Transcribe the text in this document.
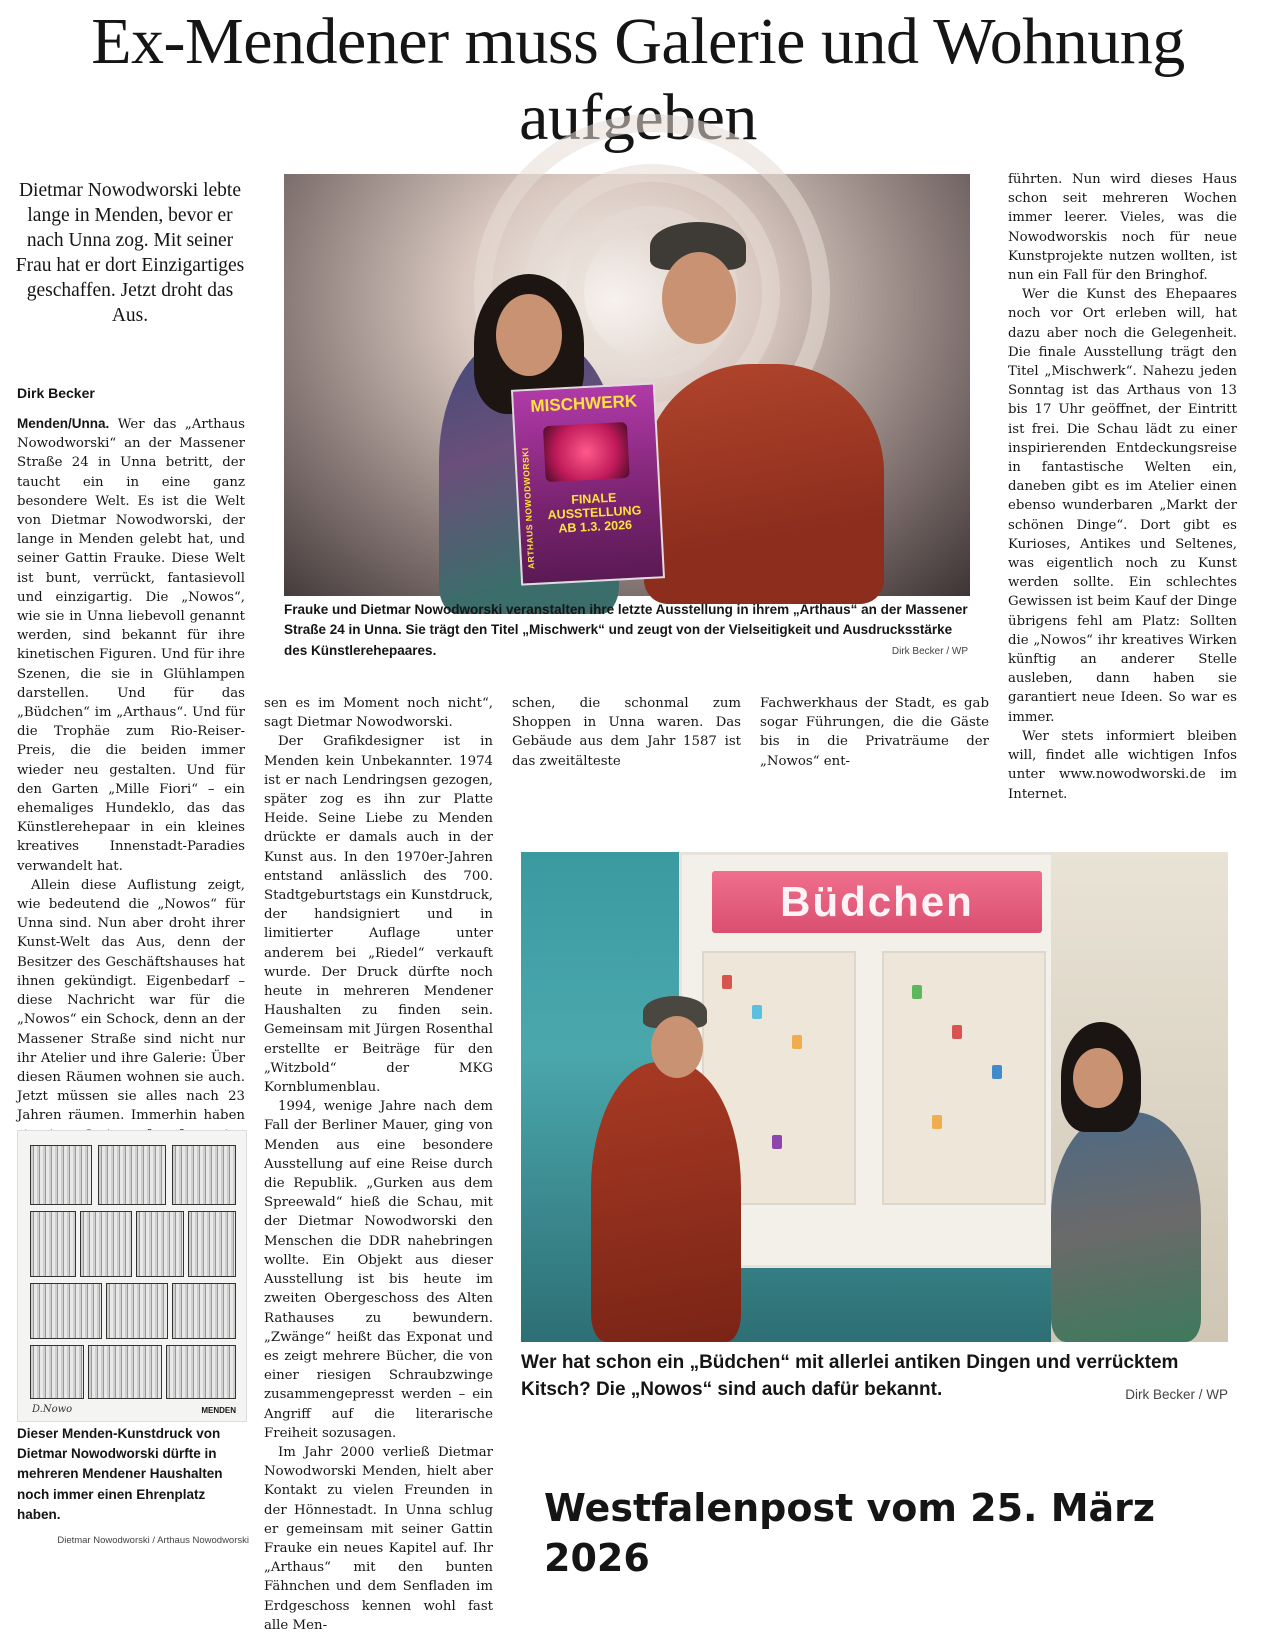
Ex-Mendener muss Galerie und Wohnung aufgeben

Dietmar Nowodworski lebte lange in Menden, bevor er nach Unna zog. Mit seiner Frau hat er dort Einzigartiges geschaffen. Jetzt droht das Aus.

Dirk Becker

Menden/Unna. Wer das „Arthaus Nowodworski“ an der Massener Straße 24 in Unna betritt, der taucht ein in eine ganz besondere Welt. Es ist die Welt von Dietmar Nowodworski, der lange in Menden gelebt hat, und seiner Gattin Frauke. Diese Welt ist bunt, verrückt, fantasievoll und einzigartig. Die „Nowos“, wie sie in Unna liebevoll genannt werden, sind bekannt für ihre kinetischen Figuren. Und für ihre Szenen, die sie in Glühlampen darstellen. Und für das „Büdchen“ im „Arthaus“. Und für die Trophäe zum Rio-Reiser-Preis, die die beiden immer wieder neu gestalten. Und für den Garten „Mille Fiori“ – ein ehemaliges Hundeklo, das das Künstlerehepaar in ein kleines kreatives Innenstadt-Paradies verwandelt hat.

Allein diese Auflistung zeigt, wie bedeutend die „Nowos“ für Unna sind. Nun aber droht ihrer Kunst-Welt das Aus, denn der Besitzer des Geschäftshauses hat ihnen gekündigt. Eigenbedarf – diese Nachricht war für die „Nowos“ ein Schock, denn an der Massener Straße sind nicht nur ihr Atelier und ihre Galerie: Über diesen Räumen wohnen sie auch. Jetzt müssen sie alles nach 23 Jahren räumen. Immerhin haben

MISCHWERK
FINALE
AUSSTELLUNG
AB 1.3. 2026
ARTHAUS NOWODWORSKI
Frauke und Dietmar Nowodworski veranstalten ihre letzte Ausstellung in ihrem „Arthaus“ an der Massener Straße 24 in Unna. Sie trägt den Titel „Mischwerk“ und zeugt von der Vielseitigkeit und Ausdrucksstärke des Künstlerehepaares.	Dirk Becker / WP

sen es im Moment noch nicht“, sagt Dietmar Nowodworski.

Der Grafikdesigner ist in Menden kein Unbekannter. 1974 ist er nach Lendringsen gezogen, später zog es ihn zur Platte Heide. Seine Liebe zu Menden drückte er damals auch in der Kunst aus. In den 1970er-Jahren entstand anlässlich des 700. Stadtgeburtstags ein Kunstdruck, der handsigniert und in limitierter Auflage unter anderem bei „Riedel“ verkauft wurde. Der Druck dürfte noch heute in mehreren Mendener Haushalten zu finden sein. Gemeinsam mit Jürgen Rosenthal erstellte er Beiträge für den „Witzbold“ der MKG Kornblumenblau.

1994, wenige Jahre nach dem Fall der Berliner Mauer, ging von Menden aus eine besondere Ausstellung auf eine Reise durch die Republik. „Gurken aus dem Spreewald“ hieß die Schau, mit der Dietmar Nowodworski den Menschen die DDR nahebringen wollte. Ein Objekt aus dieser Ausstellung ist bis heute im zweiten Obergeschoss des Alten Rathauses zu bewundern. „Zwänge“ heißt das Exponat und es zeigt mehrere Bücher, die von einer riesigen Schraubzwinge zusammengepresst werden – ein Angriff auf die literarische Freiheit sozusagen.

Im Jahr 2000 verließ Dietmar Nowodworski Menden, hielt aber Kontakt zu vielen Freunden in der Hönnestadt. In Unna schlug er gemeinsam mit seiner Gattin Frauke ein neues Kapitel auf. Ihr „Arthaus“ mit den bunten Fähnchen und dem Senfladen im Erdgeschoss kennen wohl fast alle Men-

schen, die schonmal zum Shoppen in Unna waren. Das Gebäude aus dem Jahr 1587 ist das zweitälteste

Fachwerkhaus der Stadt, es gab sogar Führungen, die die Gäste bis in die Privaträume der „Nowos“ ent-

führten. Nun wird dieses Haus schon seit mehreren Wochen immer leerer. Vieles, was die Nowodworskis noch für neue Kunstprojekte nutzen wollten, ist nun ein Fall für den Bringhof.

Wer die Kunst des Ehepaares noch vor Ort erleben will, hat dazu aber noch die Gelegenheit. Die finale Ausstellung trägt den Titel „Mischwerk“. Nahezu jeden Sonntag ist das Arthaus von 13 bis 17 Uhr geöffnet, der Eintritt ist frei. Die Schau lädt zu einer inspirierenden Entdeckungsreise in fantastische Welten ein, daneben gibt es im Atelier einen ebenso wunderbaren „Markt der schönen Dinge“. Dort gibt es Kurioses, Antikes und Seltenes, was eigentlich noch zu Kunst werden sollte. Ein schlechtes Gewissen ist beim Kauf der Dinge übrigens fehl am Platz: Sollten die „Nowos“ ihr kreatives Wirken künftig an anderer Stelle ausleben, dann haben sie garantiert neue Ideen. So war es immer.

Wer stets informiert bleiben will, findet alle wichtigen Infos unter www.nowodworski.de im Internet.

Büdchen
Wer hat schon ein „Büdchen“ mit allerlei antiken Dingen und verrücktem Kitsch? Die „Nowos“ sind auch dafür bekannt.	Dirk Becker / WP
D.Nowo	MENDEN
Dieser Menden-Kunstdruck von Dietmar Nowodworski dürfte in mehreren Mendener Haushalten noch immer einen Ehrenplatz haben.
Dietmar Nowodworski / Arthaus Nowodworski
Westfalenpost vom 25. März 2026
